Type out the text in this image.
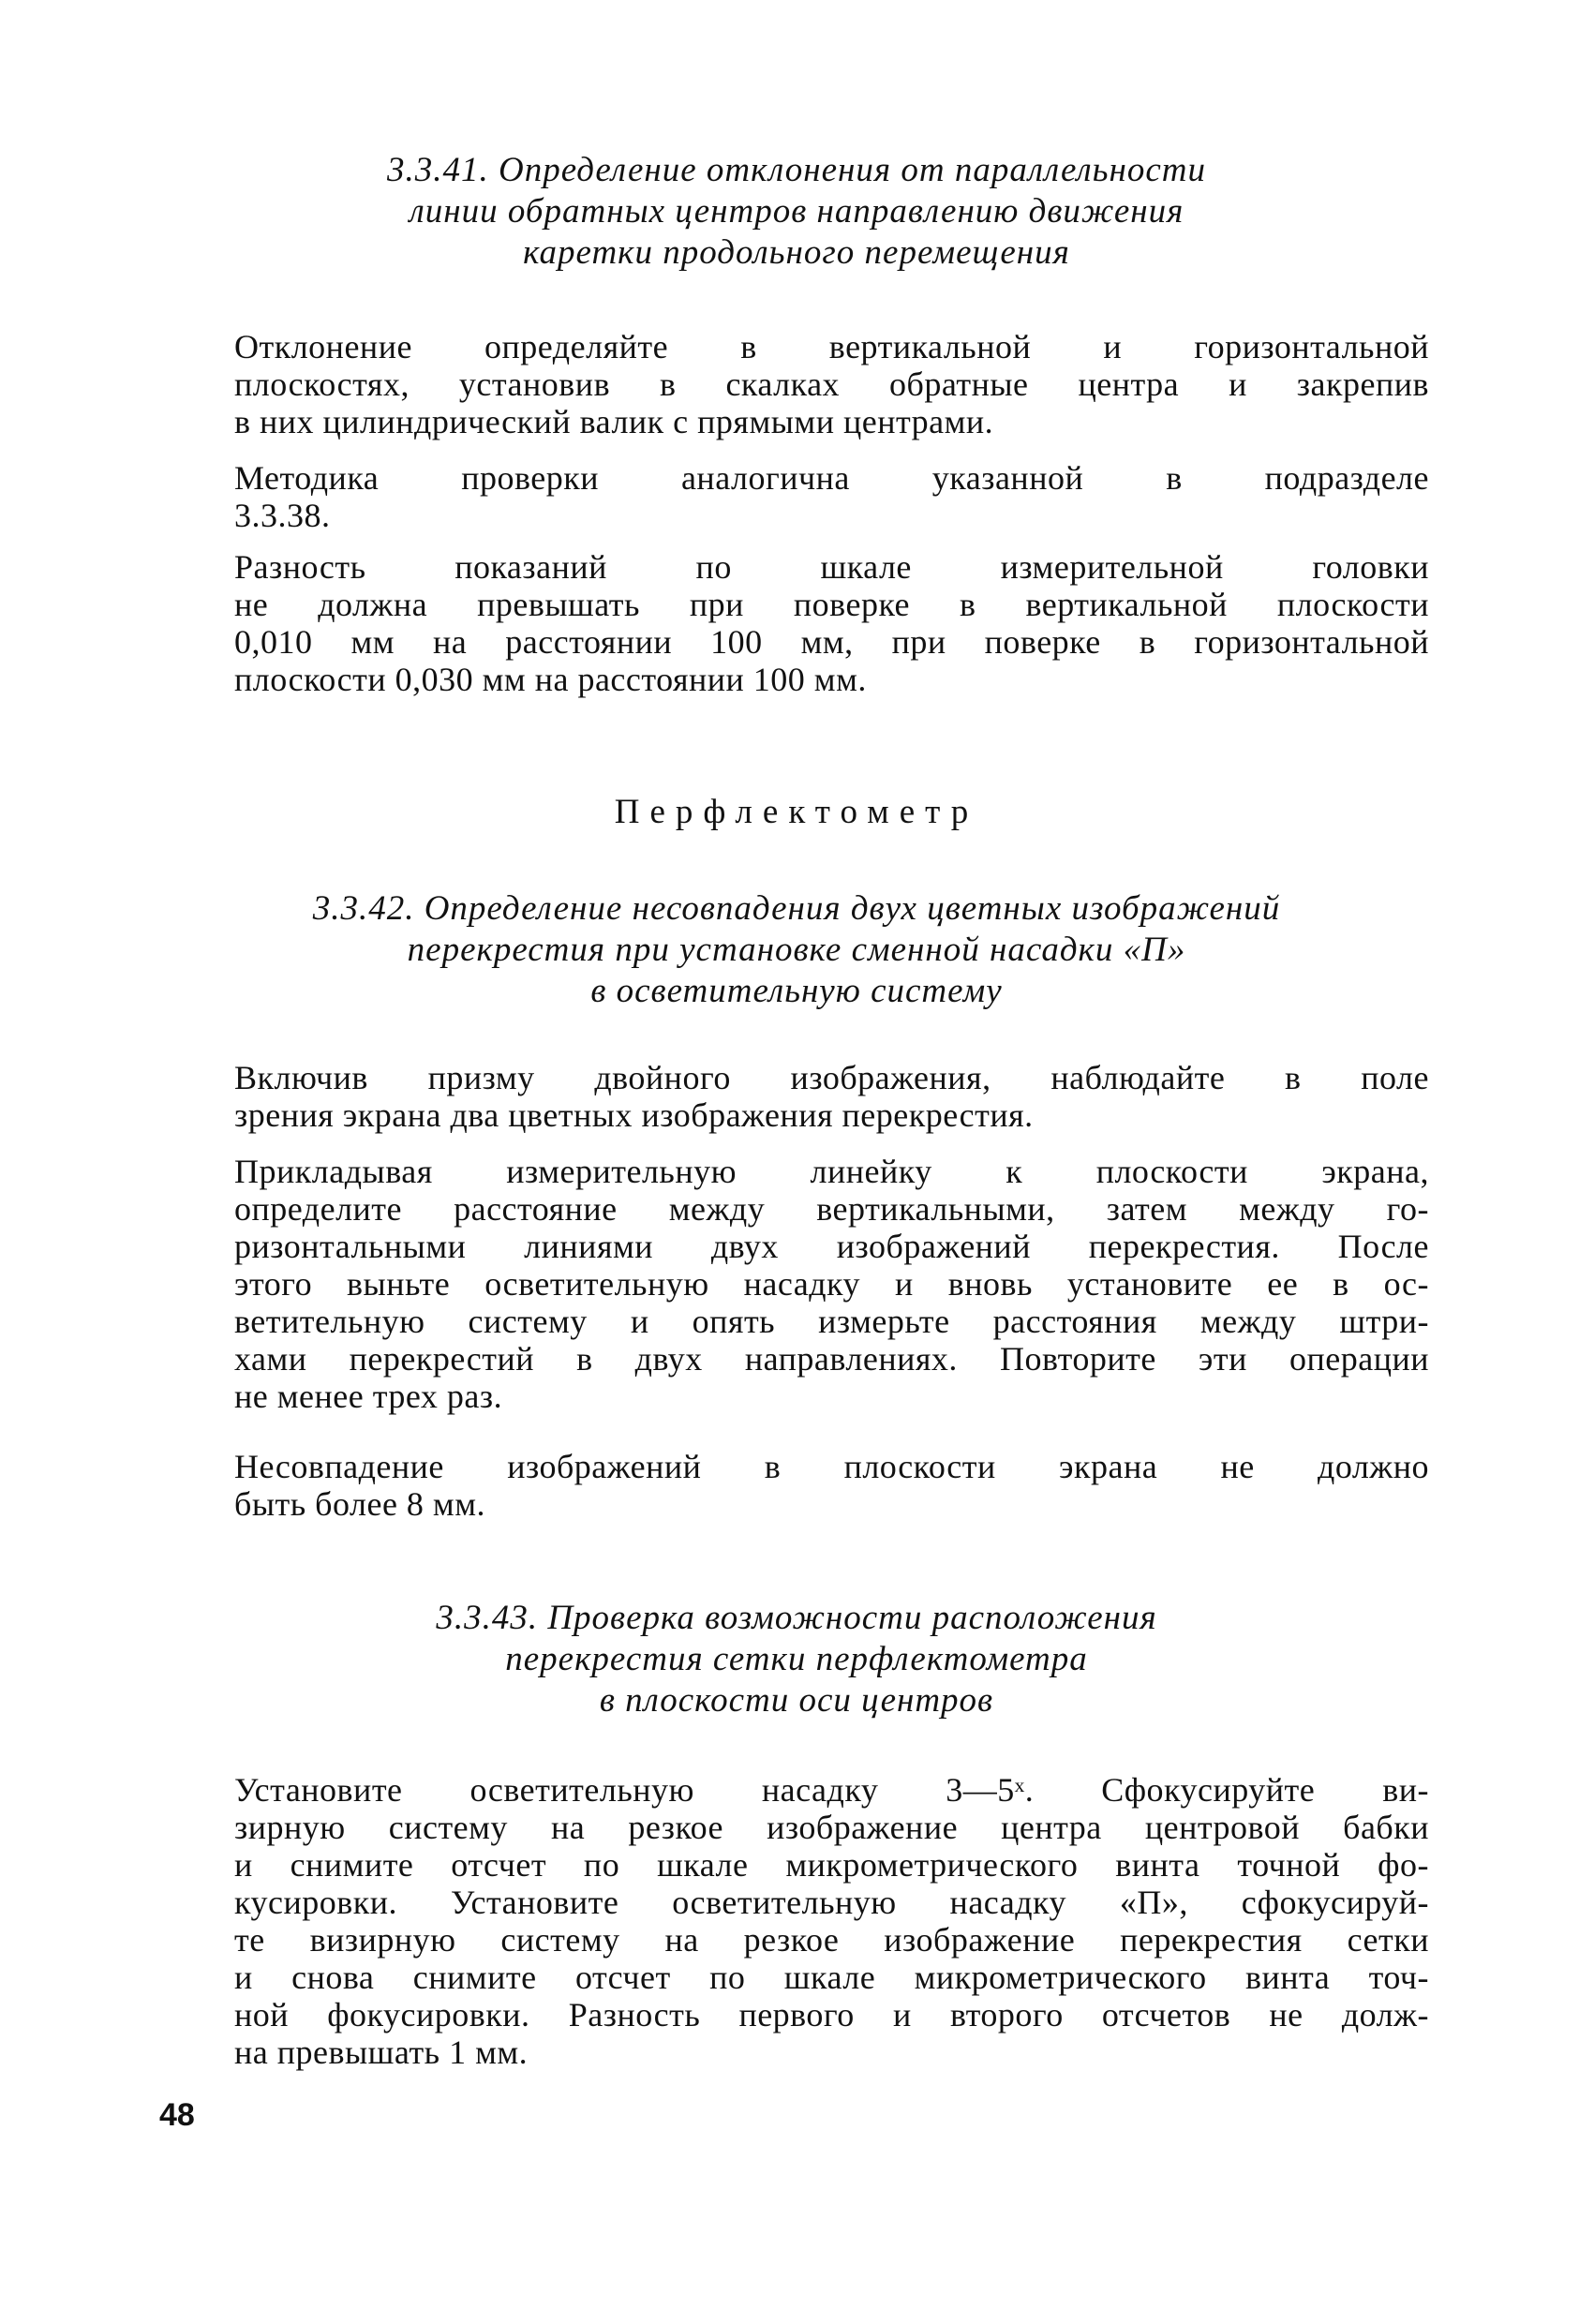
3.3.41. Определение отклонения от параллельности
линии обратных центров направлению движения
каретки продольного перемещения
Отклонение определяйте в вертикальной и горизонтальной
плоскостях, установив в скалках обратные центра и закрепив
в них цилиндрический валик с прямыми центрами.
Методика проверки аналогична указанной в подразделе
3.3.38.
Разность показаний по шкале измерительной головки
не должна превышать при поверке в вертикальной плоскости
0,010 мм на расстоянии 100 мм, при поверке в горизонтальной
плоскости 0,030 мм на расстоянии 100 мм.
Перфлектометр
3.3.42. Определение несовпадения двух цветных изображений
перекрестия при установке сменной насадки «П»
в осветительную систему
Включив призму двойного изображения, наблюдайте в поле
зрения экрана два цветных изображения перекрестия.
Прикладывая измерительную линейку к плоскости экрана,
определите расстояние между вертикальными, затем между го-
ризонтальными линиями двух изображений перекрестия. После
этого выньте осветительную насадку и вновь установите ее в ос-
ветительную систему и опять измерьте расстояния между штри-
хами перекрестий в двух направлениях. Повторите эти операции
не менее трех раз.
Несовпадение изображений в плоскости экрана не должно
быть более 8 мм.
3.3.43. Проверка возможности расположения
перекрестия сетки перфлектометра
в плоскости оси центров
Установите осветительную насадку 3—5ˣ. Сфокусируйте ви-
зирную систему на резкое изображение центра центровой бабки
и снимите отсчет по шкале микрометрического винта точной фо-
кусировки. Установите осветительную насадку «П», сфокусируй-
те визирную систему на резкое изображение перекрестия сетки
и снова снимите отсчет по шкале микрометрического винта точ-
ной фокусировки. Разность первого и второго отсчетов не долж-
на превышать 1 мм.
48
